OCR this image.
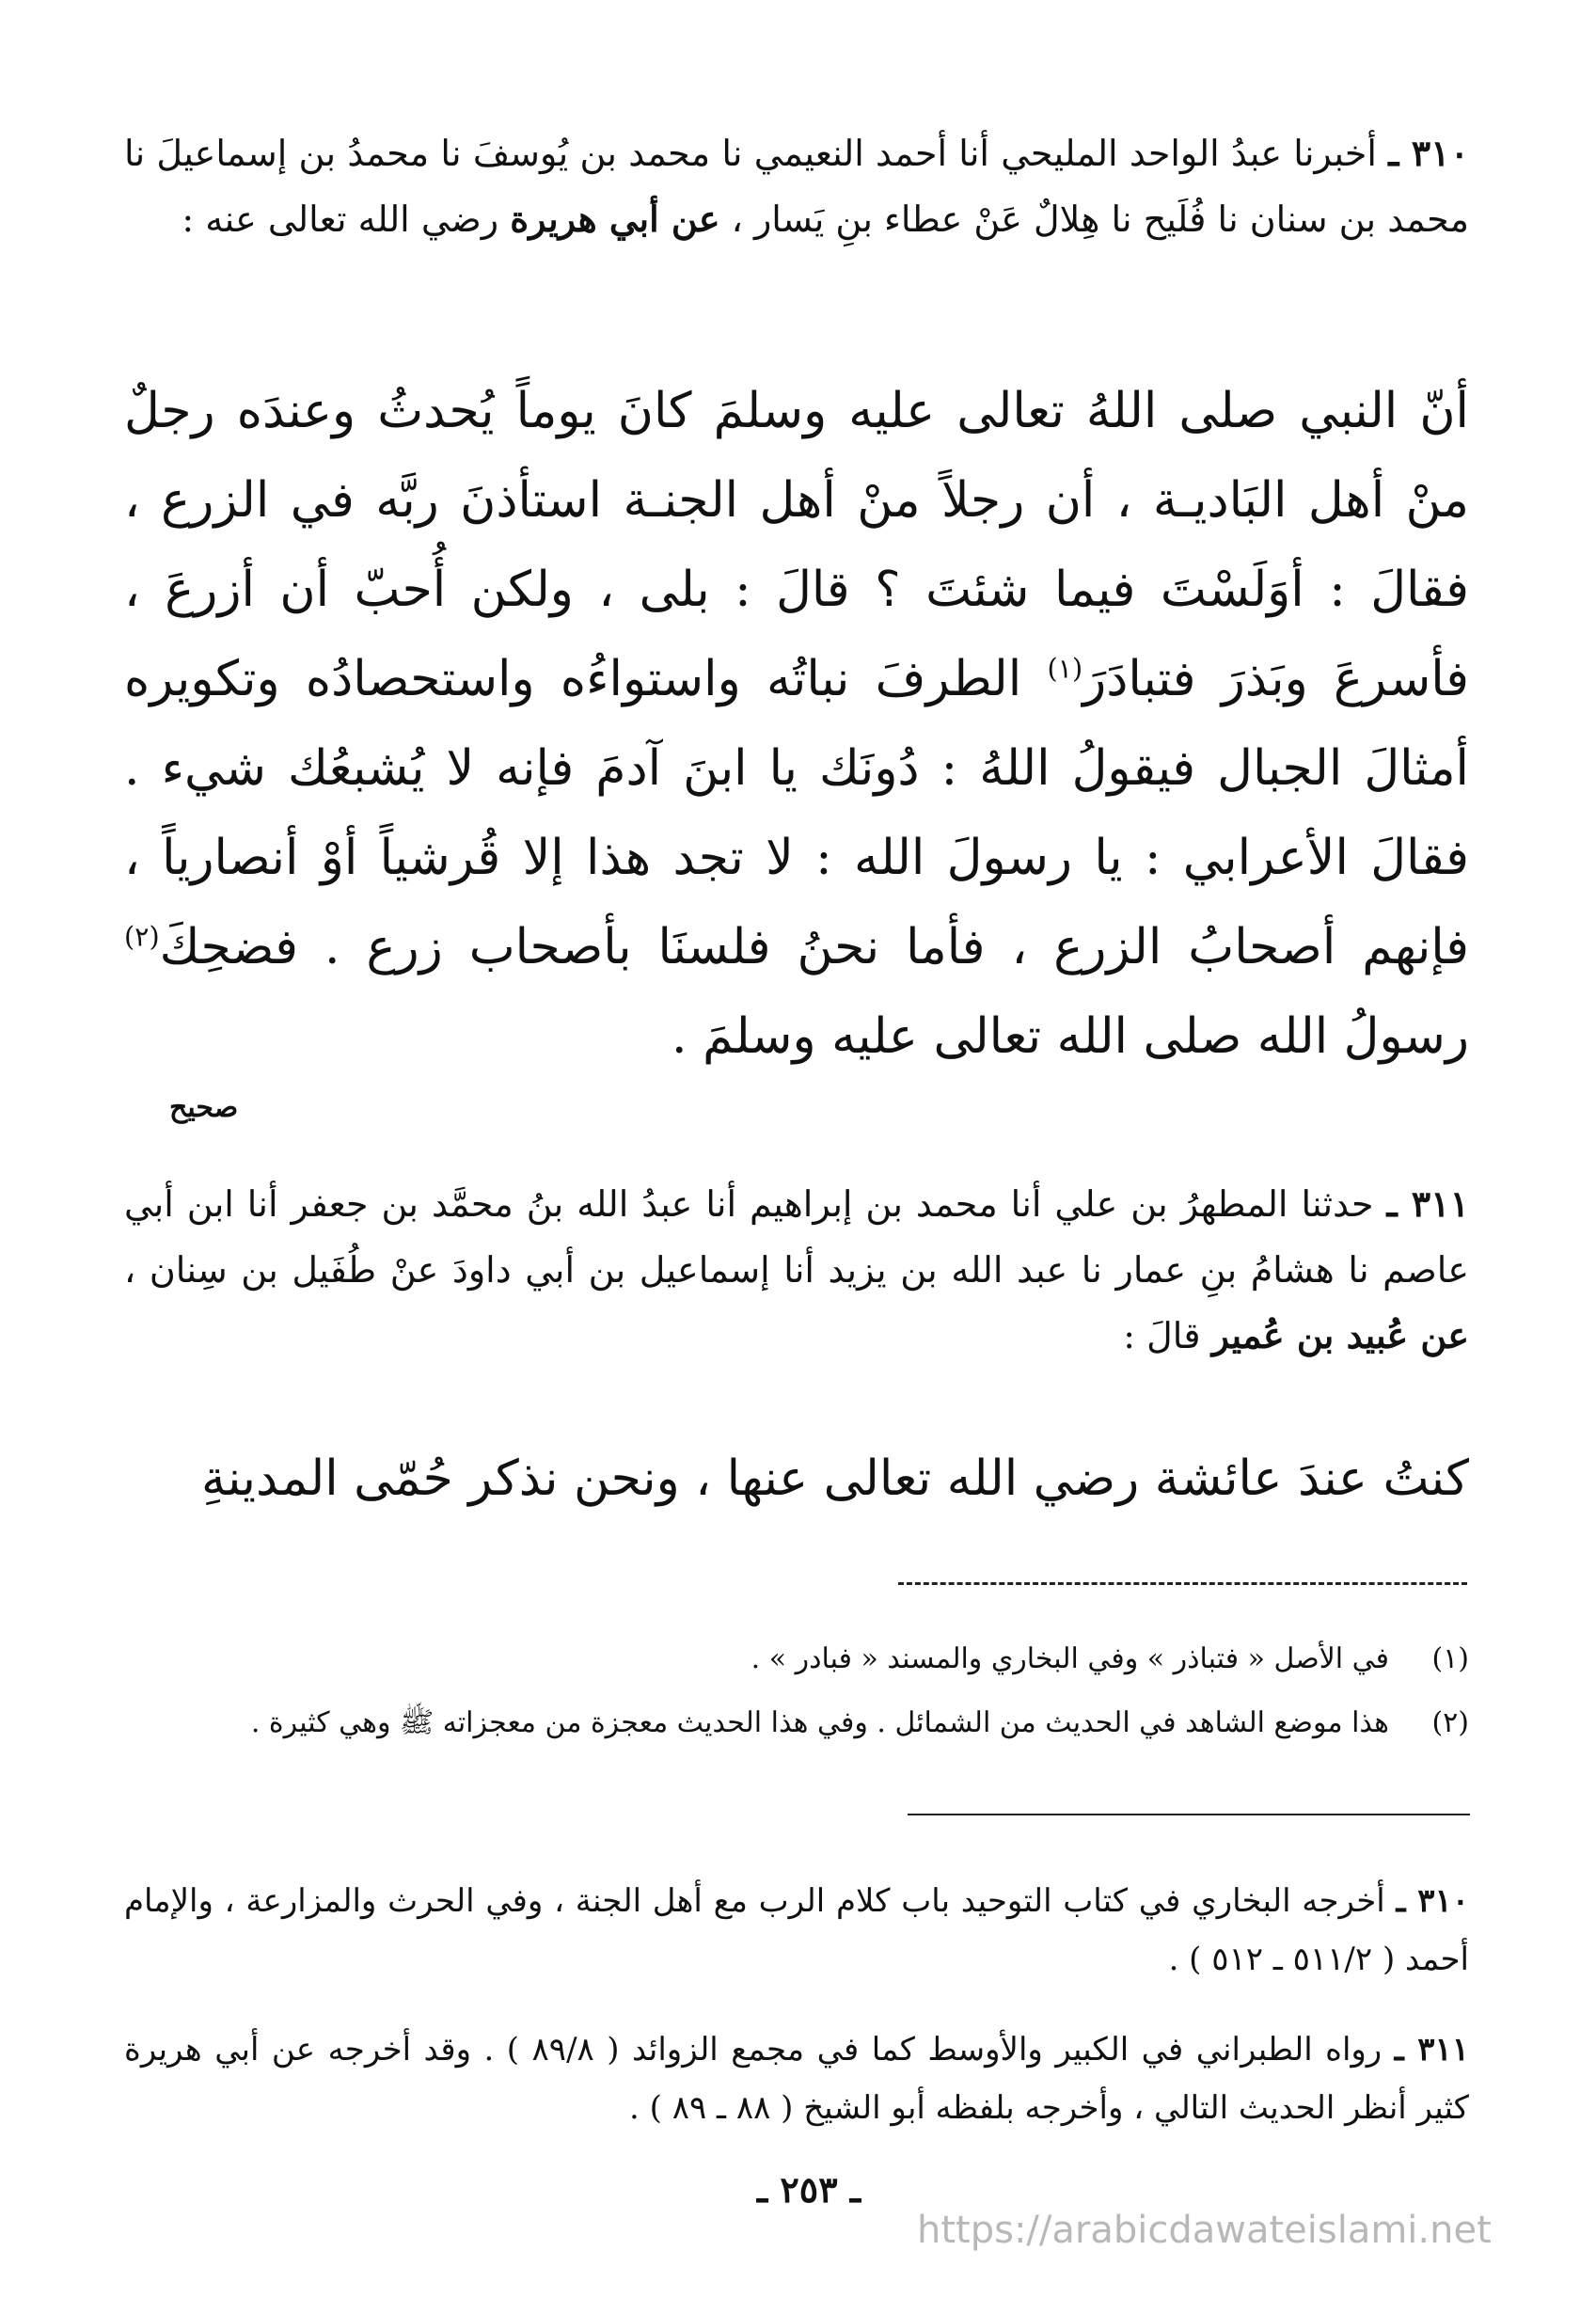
٣١٠ ـ أخبرنا عبدُ الواحد المليحي أنا أحمد النعيمي نا محمد بن يُوسفَ نا محمدُ بن إسماعيلَ نا محمد بن سنان نا فُلَيح نا هِلالٌ عَنْ عطاء بنِ يَسار ، عن أبي هريرة رضي الله تعالى عنه :
أنّ النبي صلى اللهُ تعالى عليه وسلمَ كانَ يوماً يُحدثُ وعندَه رجلٌ منْ أهل البَاديـة ، أن رجلاً منْ أهل الجنـة استأذنَ ربَّه في الزرع ، فقالَ : أوَلَسْتَ فيما شئتَ ؟ قالَ : بلى ، ولكن أُحبّ أن أزرعَ ، فأسرعَ وبَذرَ فتبادَرَ$^{(١)}$ الطرفَ نباتُه واستواءُه واستحصادُه وتكويره أمثالَ الجبال فيقولُ اللهُ : دُونَك يا ابنَ آدمَ فإنه لا يُشبعُك شيء . فقالَ الأعرابي : يا رسولَ الله : لا تجد هذا إلا قُرشياً أوْ أنصارياً ، فإنهم أصحابُ الزرع ، فأما نحنُ فلسنَا بأصحاب زرع . فضحِكَ$^{(٢)}$ رسولُ الله صلى الله تعالى عليه وسلمَ .
صحيح
٣١١ ـ حدثنا المطهرُ بن علي أنا محمد بن إبراهيم أنا عبدُ الله بنُ محمَّد بن جعفر أنا ابن أبي عاصم نا هشامُ بنِ عمار نا عبد الله بن يزيد أنا إسماعيل بن أبي داودَ عنْ طُفَيل بن سِنان ، عن عُبيد بن عُمير قالَ :
كنتُ عندَ عائشة رضي الله تعالى عنها ، ونحن نذكر حُمّى المدينةِ
(١)في الأصل « فتباذر » وفي البخاري والمسند « فبادر » .
(٢)هذا موضع الشاهد في الحديث من الشمائل . وفي هذا الحديث معجزة من معجزاته ﷺ وهي كثيرة .
٣١٠ ـ أخرجه البخاري في كتاب التوحيد باب كلام الرب مع أهل الجنة ، وفي الحرث والمزارعة ، والإمام أحمد ( ٥١١/٢ ـ ٥١٢ ) .
٣١١ ـ رواه الطبراني في الكبير والأوسط كما في مجمع الزوائد ( ٨٩/٨ ) . وقد أخرجه عن أبي هريرة كثير أنظر الحديث التالي ، وأخرجه بلفظه أبو الشيخ ( ٨٨ ـ ٨٩ ) .
ـ ٢٥٣ ـ
https://arabicdawateislami.net
